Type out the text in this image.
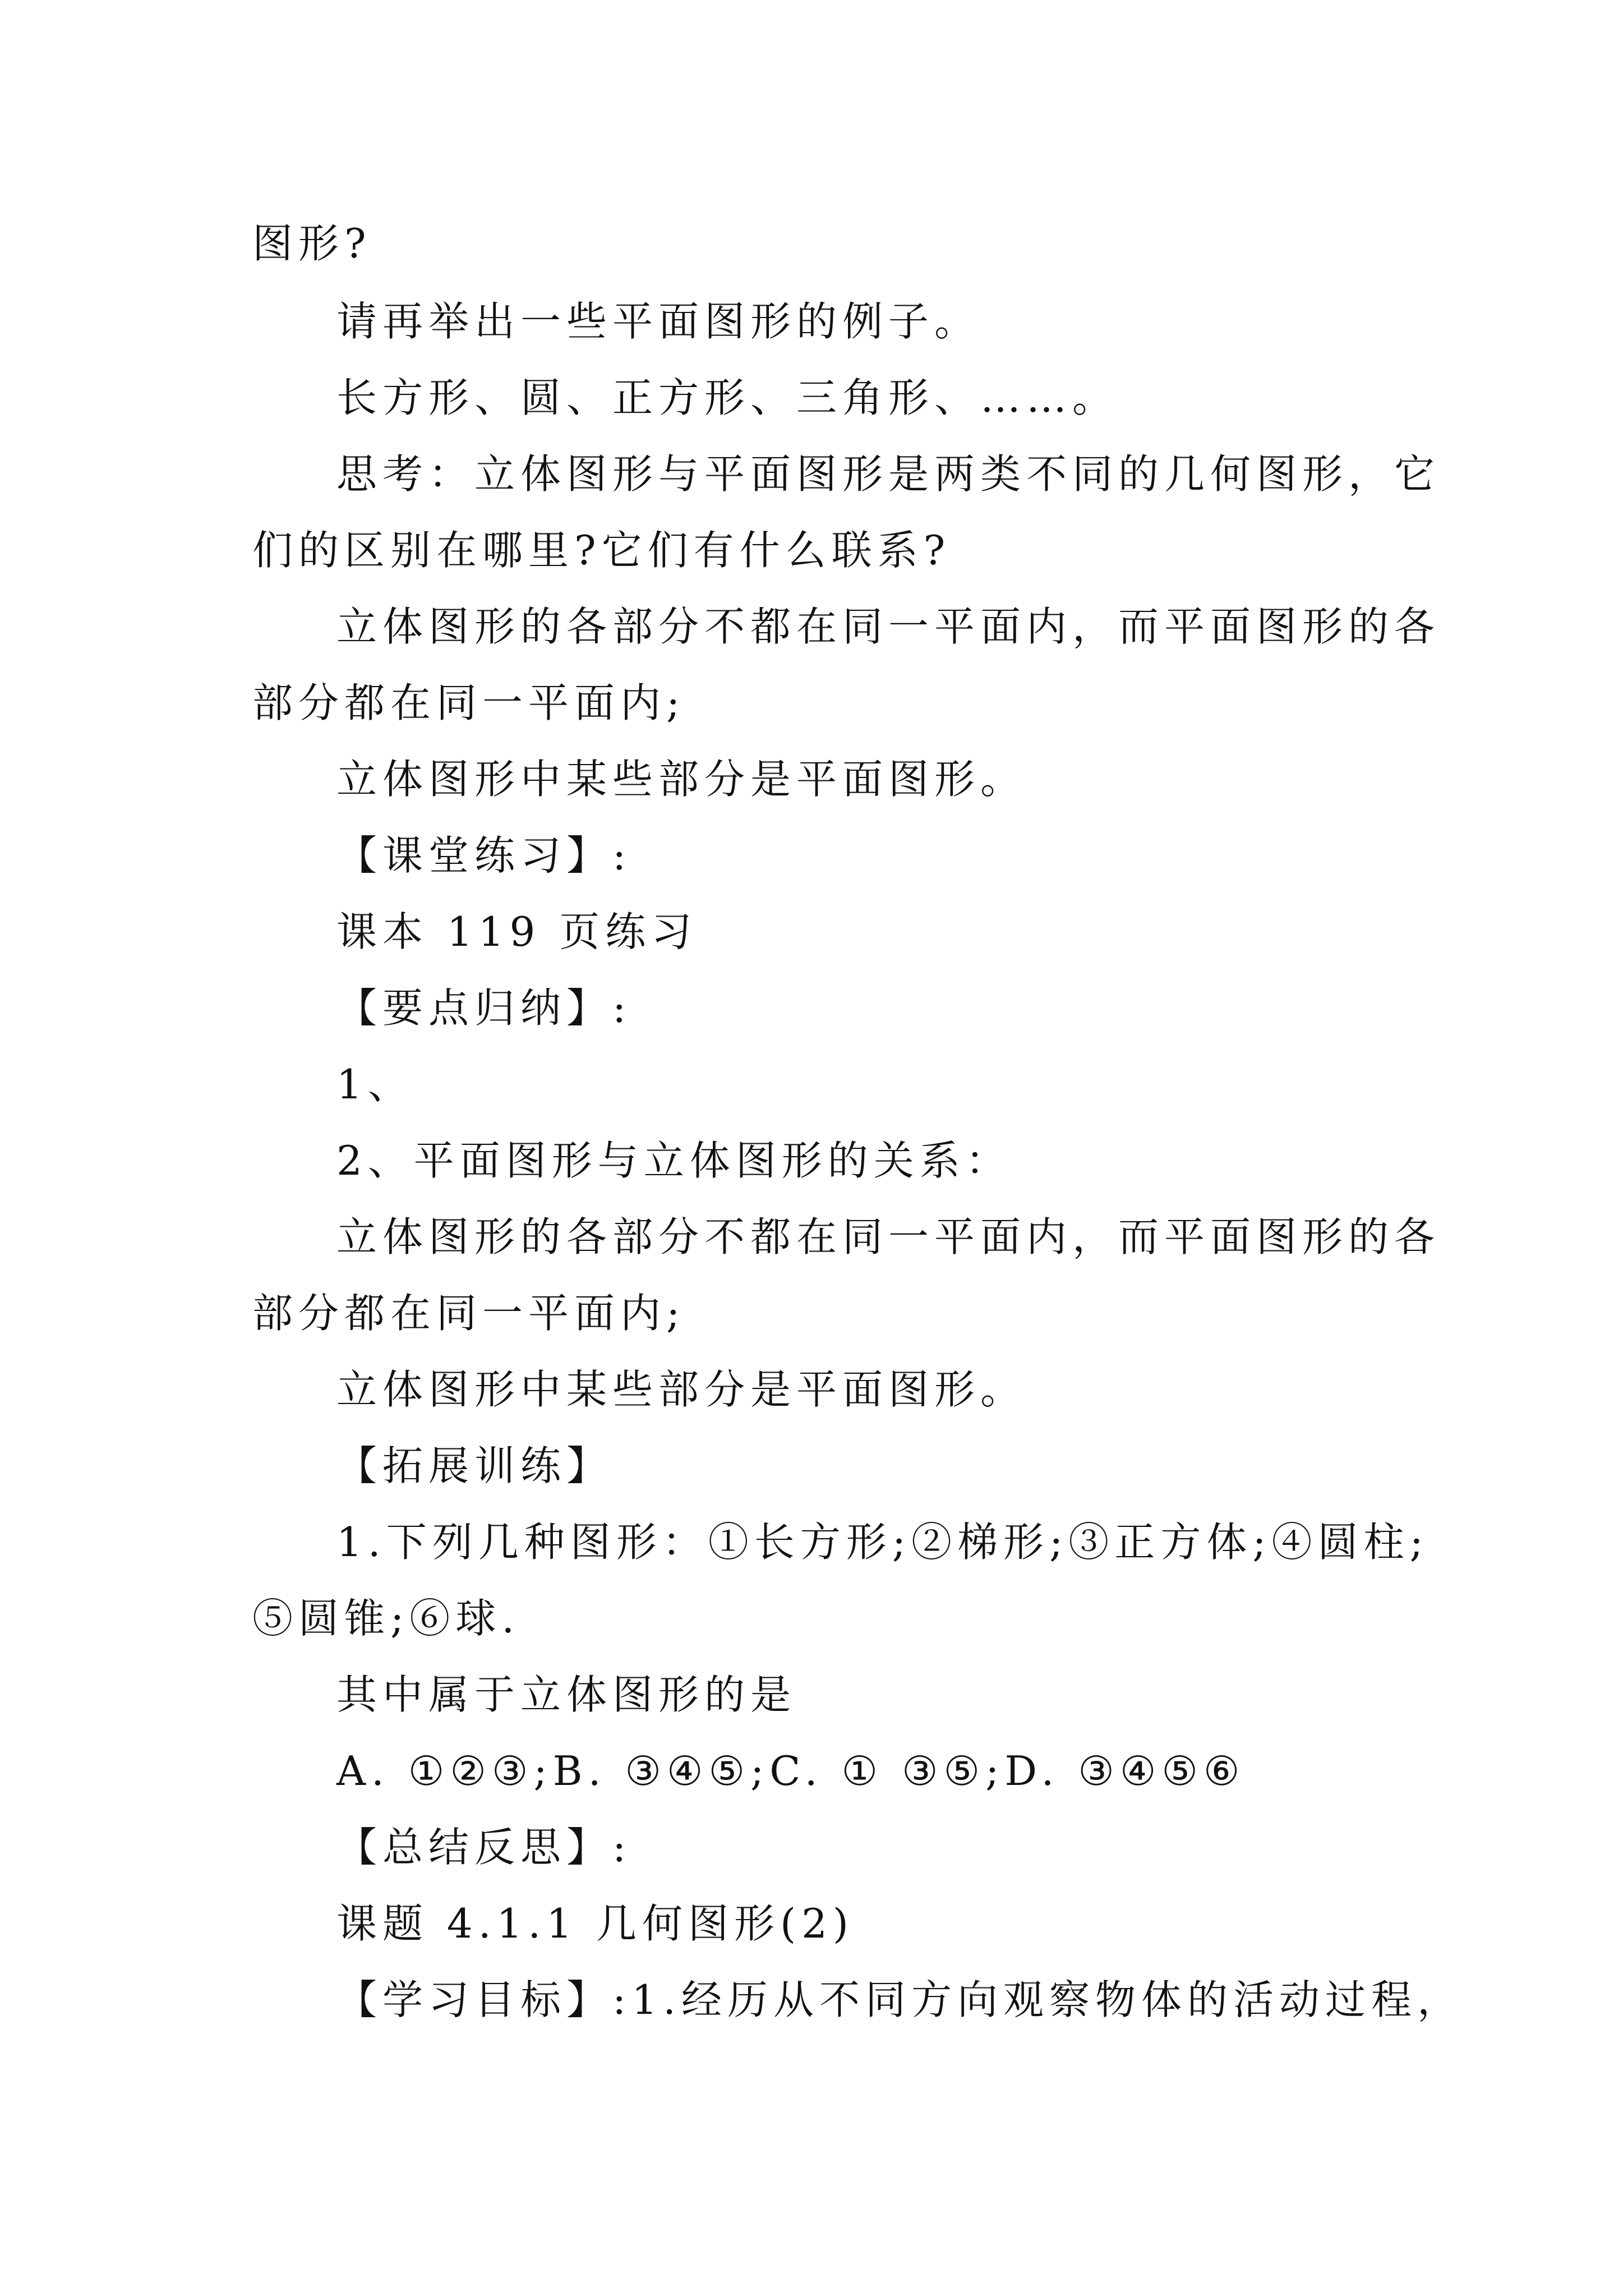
图形?
请再举出一些平面图形的例子。
长方形、圆、正方形、三角形、……。
思考：立体图形与平面图形是两类不同的几何图形，它
们的区别在哪里?它们有什么联系?
立体图形的各部分不都在同一平面内，而平面图形的各
部分都在同一平面内;
立体图形中某些部分是平面图形。
【课堂练习】:
课本 119 页练习
【要点归纳】:
1、
2、平面图形与立体图形的关系：
立体图形的各部分不都在同一平面内，而平面图形的各
部分都在同一平面内;
立体图形中某些部分是平面图形。
【拓展训练】
1.下列几种图形：①长方形;②梯形;③正方体;④圆柱;
⑤圆锥;⑥球.
其中属于立体图形的是
A. ①②③;B. ③④⑤;C. ① ③⑤;D. ③④⑤⑥
【总结反思】:
课题 4.1.1 几何图形(2)
【学习目标】:1.经历从不同方向观察物体的活动过程，
